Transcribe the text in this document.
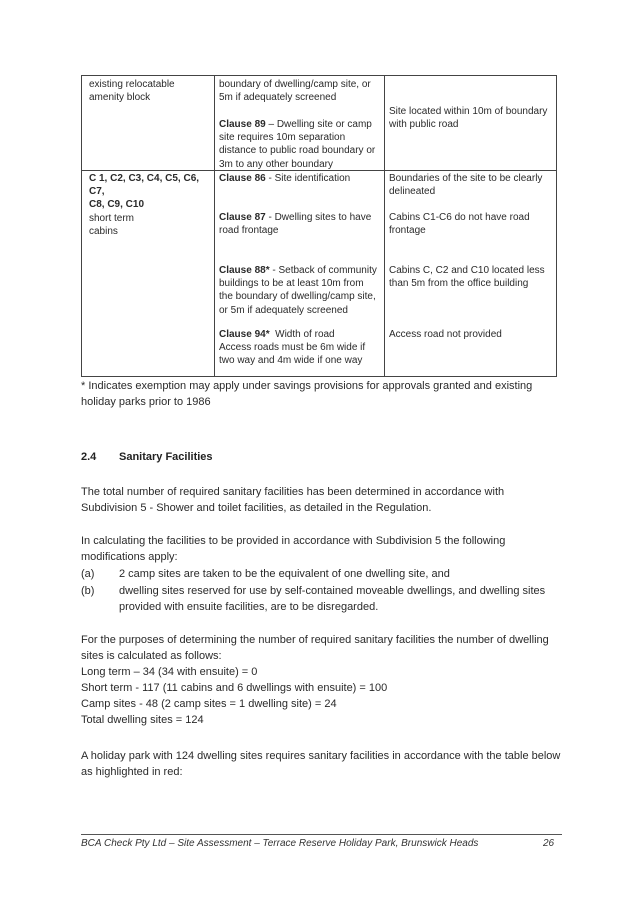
existing relocatable

amenity block

boundary of dwelling/camp site, or

5m if adequately screened

Clause 89 – Dwelling site or camp

site requires 10m separation

distance to public road boundary or

3m to any other boundary

Site located within 10m of boundary

with public road

C 1, C2, C3, C4, C5, C6, C7,

C8, C9, C10

short term

cabins

Clause 86 - Site identification	Boundaries of the site to be clearly

delineated

Clause 87 - Dwelling sites to have

road frontage

Cabins C1-C6 do not have road

frontage

Clause 88* - Setback of community

buildings to be at least 10m from

the boundary of dwelling/camp site,

or 5m if adequately screened

Cabins C, C2 and C10 located less

than 5m from the office building

Clause 94*  Width of road

Access roads must be 6m wide if

two way and 4m wide if one way

Access road not provided

* Indicates exemption may apply under savings provisions for approvals granted and existing
holiday parks prior to 1986
2.4 Sanitary Facilities
The total number of required sanitary facilities has been determined in accordance with
Subdivision 5 - Shower and toilet facilities, as detailed in the Regulation.
In calculating the facilities to be provided in accordance with Subdivision 5 the following
modifications apply:
(a) 2 camp sites are taken to be the equivalent of one dwelling site, and
(b) dwelling sites reserved for use by self-contained moveable dwellings, and dwelling sites
provided with ensuite facilities, are to be disregarded.
For the purposes of determining the number of required sanitary facilities the number of dwelling
sites is calculated as follows:
Long term – 34 (34 with ensuite) = 0
Short term - 117 (11 cabins and 6 dwellings with ensuite) = 100
Camp sites - 48 (2 camp sites = 1 dwelling site) = 24
Total dwelling sites = 124
A holiday park with 124 dwelling sites requires sanitary facilities in accordance with the table below
as highlighted in red:
BCA Check Pty Ltd – Site Assessment – Terrace Reserve Holiday Park, Brunswick Heads	26
